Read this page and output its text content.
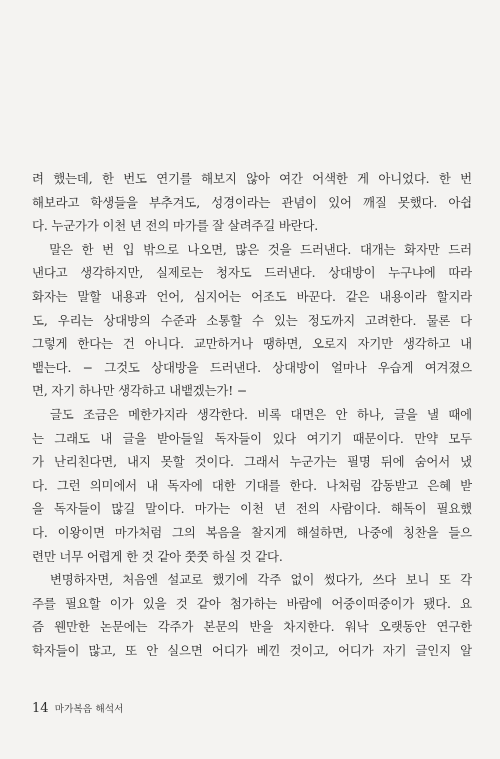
려 했는데, 한 번도 연기를 해보지 않아 여간 어색한 게 아니었다. 한 번
해보라고 학생들을 부추겨도, 성경이라는 관념이 있어 깨질 못했다. 아쉽
다. 누군가가 이천 년 전의 마가를 잘 살려주길 바란다.
　말은 한 번 입 밖으로 나오면, 많은 것을 드러낸다. 대개는 화자만 드러
낸다고 생각하지만, 실제로는 청자도 드러낸다. 상대방이 누구냐에 따라
화자는 말할 내용과 언어, 심지어는 어조도 바꾼다. 같은 내용이라 할지라
도, 우리는 상대방의 수준과 소통할 수 있는 정도까지 고려한다. 물론 다
그렇게 한다는 건 아니다. 교만하거나 땡하면, 오로지 자기만 생각하고 내
뱉는다. − 그것도 상대방을 드러낸다. 상대방이 얼마나 우습게 여겨졌으
면, 자기 하나만 생각하고 내뱉겠는가! −
　글도 조금은 메한가지라 생각한다. 비록 대면은 안 하나, 글을 낼 때에
는 그래도 내 글을 받아들일 독자들이 있다 여기기 때문이다. 만약 모두
가 난리친다면, 내지 못할 것이다. 그래서 누군가는 필명 뒤에 숨어서 냈
다. 그런 의미에서 내 독자에 대한 기대를 한다. 나처럼 감동받고 은혜 받
을 독자들이 많길 말이다. 마가는 이천 년 전의 사람이다. 해독이 필요했
다. 이왕이면 마가처럼 그의 복음을 찰지게 해설하면, 나중에 칭찬을 들으
련만 너무 어렵게 한 것 같아 쭛쭛 하실 것 같다.
　변명하자면, 처음엔 설교로 했기에 각주 없이 썼다가, 쓰다 보니 또 각
주를 필요할 이가 있을 것 같아 첨가하는 바람에 어중이떠중이가 됐다. 요
즘 웬만한 논문에는 각주가 본문의 반을 차지한다. 워낙 오랫동안 연구한
학자들이 많고, 또 안 실으면 어디가 베낀 것이고, 어디가 자기 글인지 알
14 마가복음 해석서
